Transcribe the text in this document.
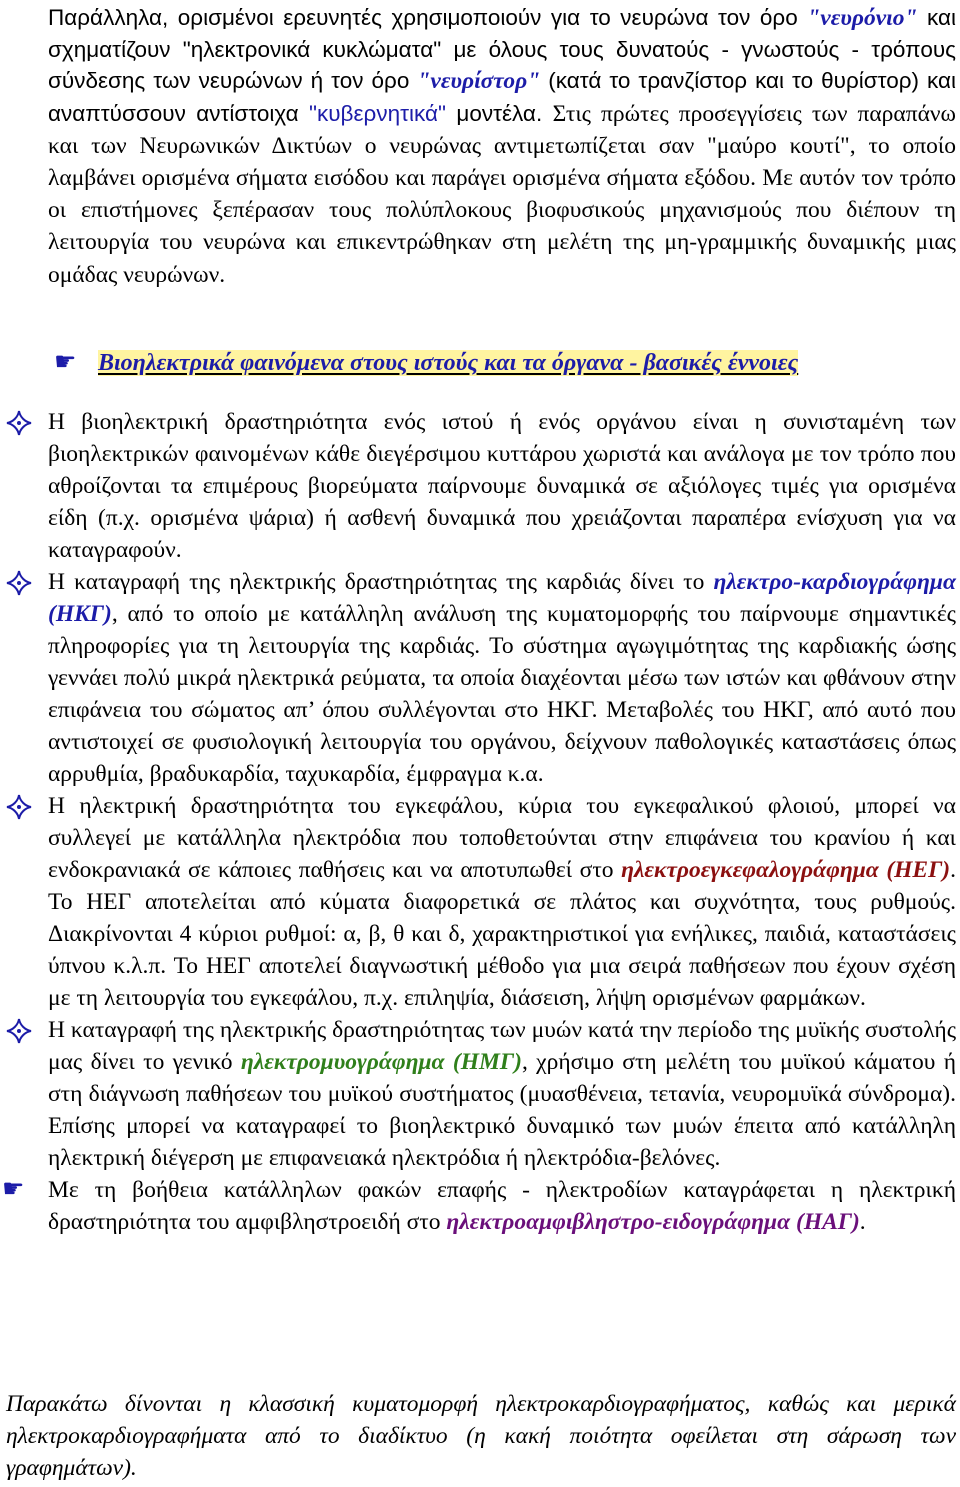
Παράλληλα, ορισμένοι ερευνητές χρησιμοποιούν για το νευρώνα τον όρο "νευρόνιο" και σχηματίζουν "ηλεκτρονικά κυκλώματα" με όλους τους δυνατούς - γνωστούς - τρόπους σύνδεσης των νευρώνων ή τον όρο "νευρίστορ" (κατά το τρανζίστορ και το θυρίστορ) και αναπτύσσουν αντίστοιχα "κυβερνητικά" μοντέλα. Στις πρώτες προσεγγίσεις των παραπάνω και των Νευρωνικών Δικτύων ο νευρώνας αντιμετωπίζεται σαν "μαύρο κουτί", το οποίο λαμβάνει ορισμένα σήματα εισόδου και παράγει ορισμένα σήματα εξόδου. Με αυτόν τον τρόπο οι επιστήμονες ξεπέρασαν τους πολύπλοκους βιοφυσικούς μηχανισμούς που διέπουν τη λειτουργία του νευρώνα και επικεντρώθηκαν στη μελέτη της μη-γραμμικής δυναμικής μιας ομάδας νευρώνων.

☛ Βιοηλεκτρικά φαινόμενα στους ιστούς και τα όργανα - βασικές έννοιες

Η βιοηλεκτρική δραστηριότητα ενός ιστού ή ενός οργάνου είναι η συνισταμένη των βιοηλεκτρικών φαινομένων κάθε διεγέρσιμου κυττάρου χωριστά και ανάλογα με τον τρόπο που αθροίζονται τα επιμέρους βιορεύματα παίρνουμε δυναμικά σε αξιόλογες τιμές για ορισμένα είδη (π.χ. ορισμένα ψάρια) ή ασθενή δυναμικά που χρειάζονται παραπέρα ενίσχυση για να καταγραφούν.

Η καταγραφή της ηλεκτρικής δραστηριότητας της καρδιάς δίνει το ηλεκτρο-καρδιογράφημα (ΗΚΓ), από το οποίο με κατάλληλη ανάλυση της κυματομορφής του παίρνουμε σημαντικές πληροφορίες για τη λειτουργία της καρδιάς. Το σύστημα αγωγιμότητας της καρδιακής ώσης γεννάει πολύ μικρά ηλεκτρικά ρεύματα, τα οποία διαχέονται μέσω των ιστών και φθάνουν στην επιφάνεια του σώματος απ’ όπου συλλέγονται στο ΗΚΓ. Μεταβολές του ΗΚΓ, από αυτό που αντιστοιχεί σε φυσιολογική λειτουργία του οργάνου, δείχνουν παθολογικές καταστάσεις όπως αρρυθμία, βραδυκαρδία, ταχυκαρδία, έμφραγμα κ.α.

Η ηλεκτρική δραστηριότητα του εγκεφάλου, κύρια του εγκεφαλικού φλοιού, μπορεί να συλλεγεί με κατάλληλα ηλεκτρόδια που τοποθετούνται στην επιφάνεια του κρανίου ή και ενδοκρανιακά σε κάποιες παθήσεις και να αποτυπωθεί στο ηλεκτροεγκεφαλογράφημα (ΗΕΓ). Το ΗΕΓ αποτελείται από κύματα διαφορετικά σε πλάτος και συχνότητα, τους ρυθμούς. Διακρίνονται 4 κύριοι ρυθμοί: α, β, θ και δ, χαρακτηριστικοί για ενήλικες, παιδιά, καταστάσεις ύπνου κ.λ.π. Το ΗΕΓ αποτελεί διαγνωστική μέθοδο για μια σειρά παθήσεων που έχουν σχέση με τη λειτουργία του εγκεφάλου, π.χ. επιληψία, διάσειση, λήψη ορισμένων φαρμάκων.

Η καταγραφή της ηλεκτρικής δραστηριότητας των μυών κατά την περίοδο της μυϊκής συστολής μας δίνει το γενικό ηλεκτρομυογράφημα (ΗΜΓ), χρήσιμο στη μελέτη του μυϊκού κάματου ή στη διάγνωση παθήσεων του μυϊκού συστήματος (μυασθένεια, τετανία, νευρομυϊκά σύνδρομα). Επίσης μπορεί να καταγραφεί το βιοηλεκτρικό δυναμικό των μυών έπειτα από κατάλληλη ηλεκτρική διέγερση με επιφανειακά ηλεκτρόδια ή ηλεκτρόδια-βελόνες.

☛ Με τη βοήθεια κατάλληλων φακών επαφής - ηλεκτροδίων καταγράφεται η ηλεκτρική δραστηριότητα του αμφιβληστροειδή στο ηλεκτροαμφιβληστρο-ειδογράφημα (ΗΑΓ).

Παρακάτω δίνονται η κλασσική κυματομορφή ηλεκτροκαρδιογραφήματος, καθώς και μερικά ηλεκτροκαρδιογραφήματα από το διαδίκτυο (η κακή ποιότητα οφείλεται στη σάρωση των γραφημάτων).
